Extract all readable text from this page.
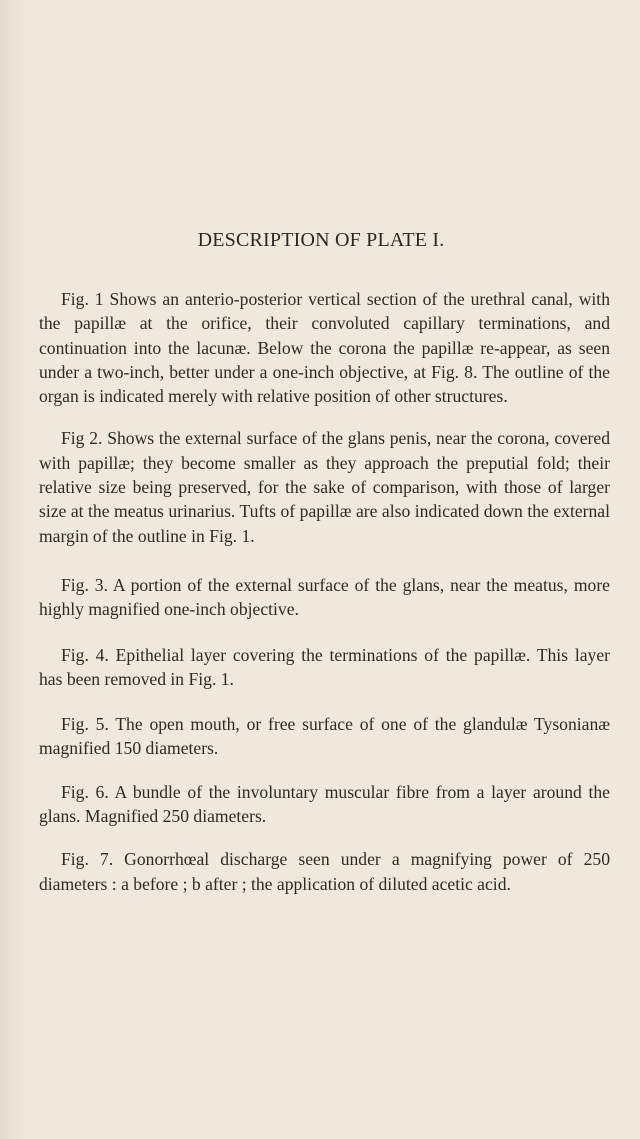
DESCRIPTION OF PLATE I.

Fig. 1 Shows an anterio-posterior vertical section of the urethral canal, with the papillæ at the orifice, their convoluted capillary terminations, and continuation into the lacunæ. Below the corona the papillæ re-appear, as seen under a two-inch, better under a one-inch objective, at Fig. 8. The outline of the organ is indicated merely with relative position of other structures.

Fig 2. Shows the external surface of the glans penis, near the corona, covered with papillæ; they become smaller as they approach the preputial fold; their relative size being preserved, for the sake of comparison, with those of larger size at the meatus urinarius. Tufts of papillæ are also indicated down the external margin of the outline in Fig. 1.

Fig. 3. A portion of the external surface of the glans, near the meatus, more highly magnified one-inch objective.

Fig. 4. Epithelial layer covering the terminations of the papillæ. This layer has been removed in Fig. 1.

Fig. 5. The open mouth, or free surface of one of the glandulæ Tysonianæ magnified 150 diameters.

Fig. 6. A bundle of the involuntary muscular fibre from a layer around the glans. Magnified 250 diameters.

Fig. 7. Gonorrhœal discharge seen under a magnifying power of 250 diameters : a before ; b after ; the application of diluted acetic acid.
